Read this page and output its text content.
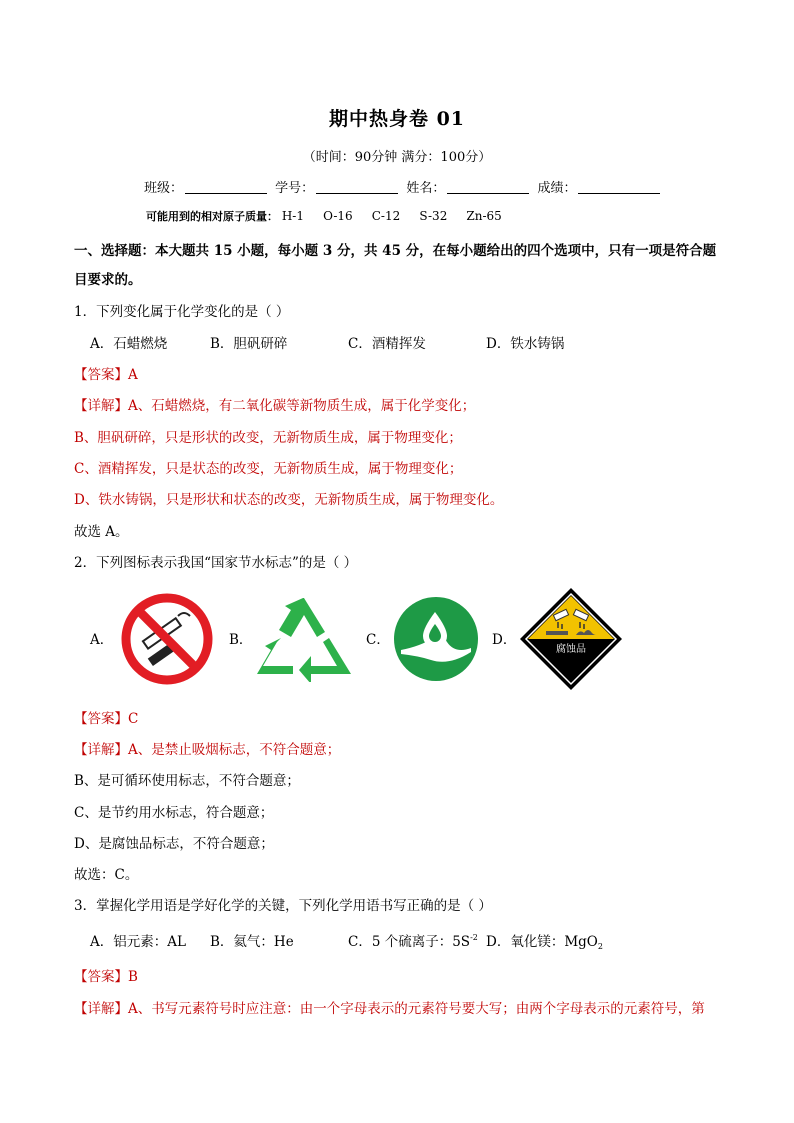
期中热身卷 01
（时间：90分钟 满分：100分）
班级：	学号：	姓名：	成绩：
可能用到的相对原子质量： H-1 O-16 C-12 S-32 Zn-65
一、选择题：本大题共 15 小题，每小题 3 分，共 45 分，在每小题给出的四个选项中，只有一项是符合题
目要求的。
1．下列变化属于化学变化的是（ ）
A．石蜡燃烧	B．胆矾研碎	C．酒精挥发	D．铁水铸锅
【答案】A
【详解】A、石蜡燃烧，有二氧化碳等新物质生成，属于化学变化；
B、胆矾研碎，只是形状的改变，无新物质生成，属于物理变化；
C、酒精挥发，只是状态的改变，无新物质生成，属于物理变化；
D、铁水铸锅，只是形状和状态的改变，无新物质生成，属于物理变化。
故选 A。
2．下列图标表示我国“国家节水标志”的是（ ）
A．	B．	C．	D．
腐蚀品
【答案】C
【详解】A、是禁止吸烟标志，不符合题意；
B、是可循环使用标志，不符合题意；
C、是节约用水标志，符合题意；
D、是腐蚀品标志，不符合题意；
故选：C。
3．掌握化学用语是学好化学的关键，下列化学用语书写正确的是（ ）
A．铝元素：AL B．氦气：He	C．5 个硫离子：$5S^{-2}$ D．氧化镁：MgO$_2$
【答案】B
【详解】A、书写元素符号时应注意：由一个字母表示的元素符号要大写；由两个字母表示的元素符号，第
